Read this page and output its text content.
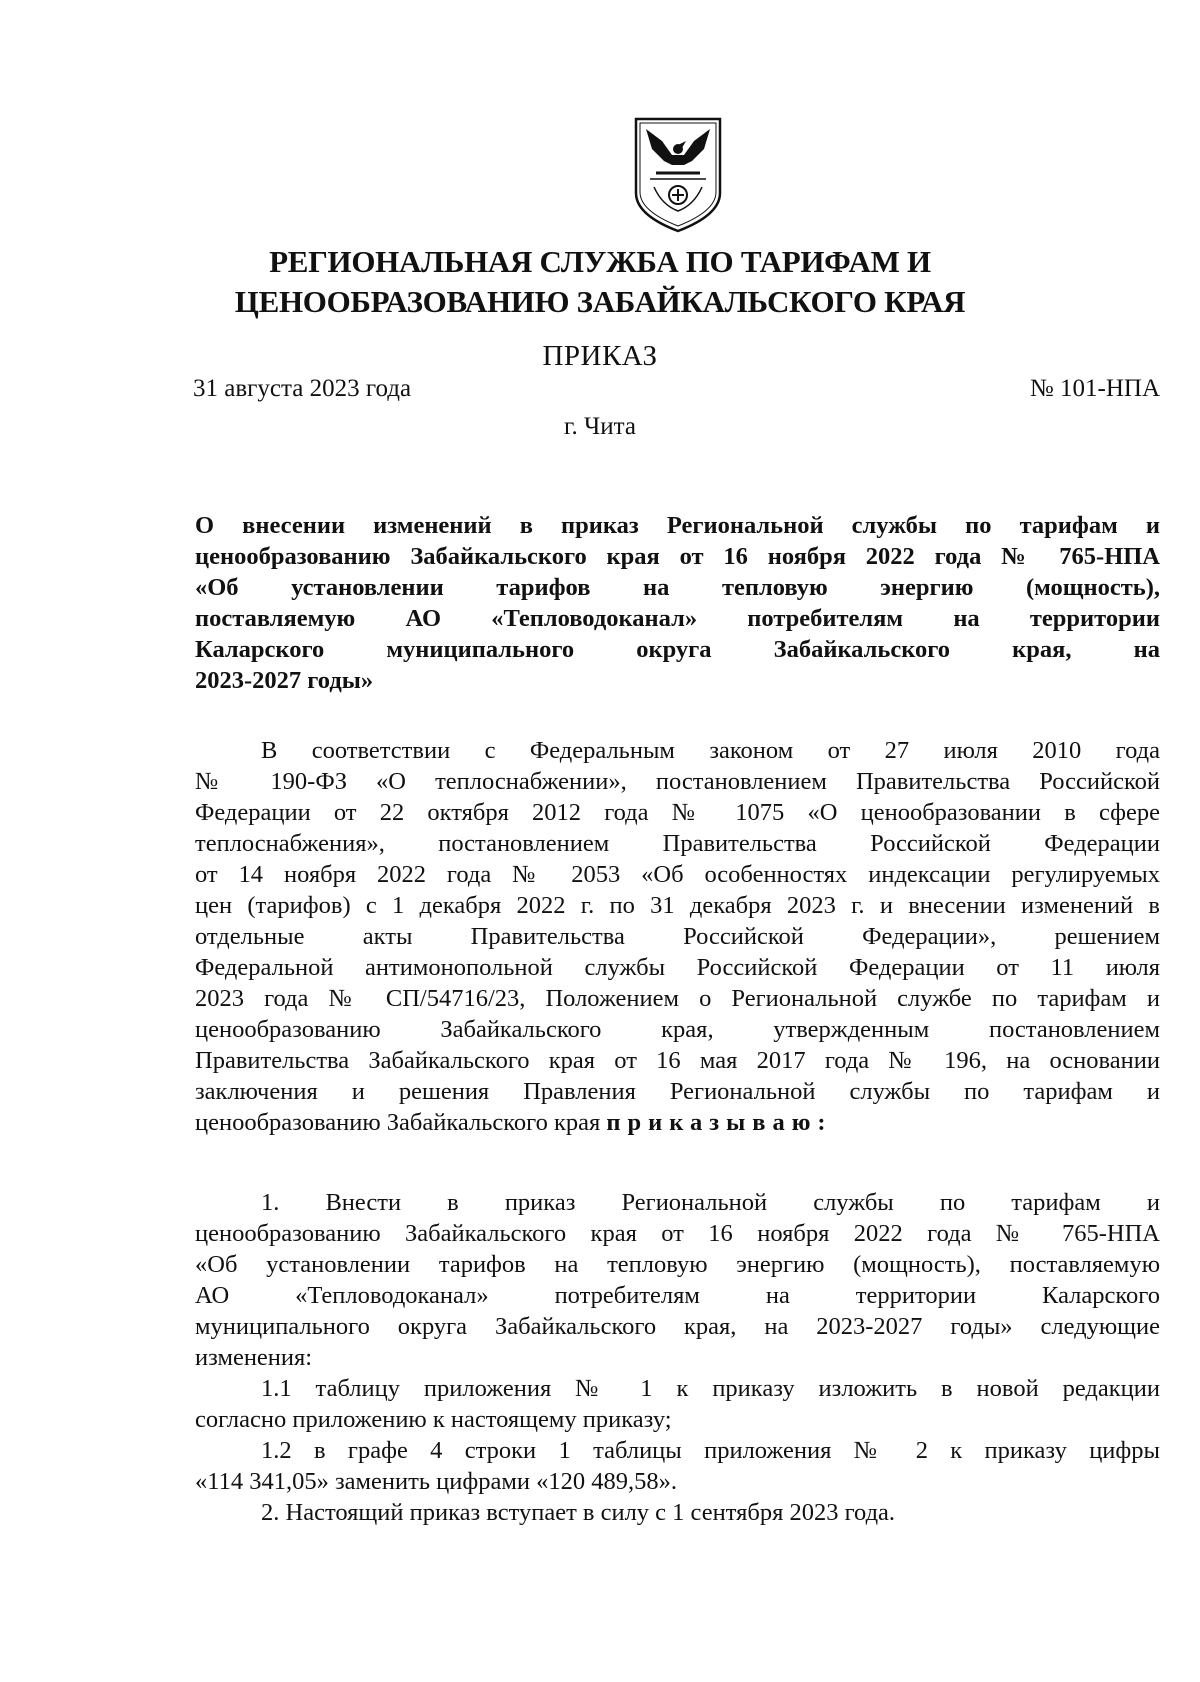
РЕГИОНАЛЬНАЯ СЛУЖБА ПО ТАРИФАМ И
ЦЕНООБРАЗОВАНИЮ ЗАБАЙКАЛЬСКОГО КРАЯ
ПРИКАЗ
31 августа 2023 года	№ 101-НПА
г. Чита
О внесении изменений в приказ Региональной службы по тарифам и
ценообразованию Забайкальского края от 16 ноября 2022 года № 765-НПА
«Об установлении тарифов на тепловую энергию (мощность),
поставляемую АО «Тепловодоканал» потребителям на территории
Каларского муниципального округа Забайкальского края, на
2023-2027 годы»
В соответствии с Федеральным законом от 27 июля 2010 года
№ 190-ФЗ «О теплоснабжении», постановлением Правительства Российской
Федерации от 22 октября 2012 года № 1075 «О ценообразовании в сфере
теплоснабжения», постановлением Правительства Российской Федерации
от 14 ноября 2022 года № 2053 «Об особенностях индексации регулируемых
цен (тарифов) с 1 декабря 2022 г. по 31 декабря 2023 г. и внесении изменений в
отдельные акты Правительства Российской Федерации», решением
Федеральной антимонопольной службы Российской Федерации от 11 июля
2023 года № СП/54716/23, Положением о Региональной службе по тарифам и
ценообразованию Забайкальского края, утвержденным постановлением
Правительства Забайкальского края от 16 мая 2017 года № 196, на основании
заключения и решения Правления Региональной службы по тарифам и
ценообразованию Забайкальского края приказываю:
1. Внести в приказ Региональной службы по тарифам и
ценообразованию Забайкальского края от 16 ноября 2022 года № 765-НПА
«Об установлении тарифов на тепловую энергию (мощность), поставляемую
АО «Тепловодоканал» потребителям на территории Каларского
муниципального округа Забайкальского края, на 2023-2027 годы» следующие
изменения:
1.1 таблицу приложения № 1 к приказу изложить в новой редакции
согласно приложению к настоящему приказу;
1.2 в графе 4 строки 1 таблицы приложения № 2 к приказу цифры
«114 341,05» заменить цифрами «120 489,58».
2. Настоящий приказ вступает в силу с 1 сентября 2023 года.
